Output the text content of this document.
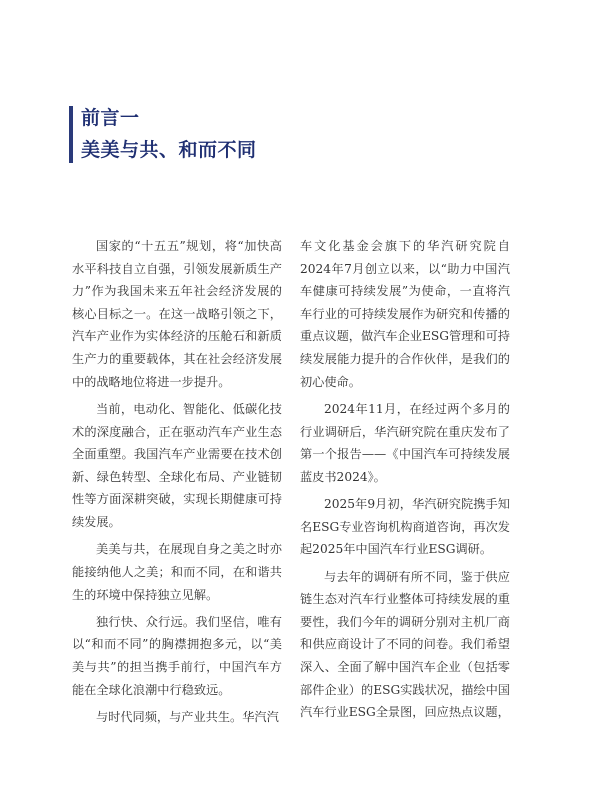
前言一
美美与共、和而不同

国家的“十五五”规划，将“加快高水平科技自立自强，引领发展新质生产力”作为我国未来五年社会经济发展的核心目标之一。在这一战略引领之下，汽车产业作为实体经济的压舱石和新质生产力的重要载体，其在社会经济发展中的战略地位将进一步提升。

当前，电动化、智能化、低碳化技术的深度融合，正在驱动汽车产业生态全面重塑。我国汽车产业需要在技术创新、绿色转型、全球化布局、产业链韧性等方面深耕突破，实现长期健康可持续发展。

美美与共，在展现自身之美之时亦能接纳他人之美；和而不同，在和谐共生的环境中保持独立见解。

独行快、众行远。我们坚信，唯有以“和而不同”的胸襟拥抱多元，以“美美与共”的担当携手前行，中国汽车方能在全球化浪潮中行稳致远。

与时代同频，与产业共生。华汽汽

车文化基金会旗下的华汽研究院自2024年7月创立以来，以“助力中国汽车健康可持续发展”为使命，一直将汽车行业的可持续发展作为研究和传播的重点议题，做汽车企业ESG管理和可持续发展能力提升的合作伙伴，是我们的初心使命。

2024年11月，在经过两个多月的行业调研后，华汽研究院在重庆发布了第一个报告——《中国汽车可持续发展蓝皮书2024》。

2025年9月初，华汽研究院携手知名ESG专业咨询机构商道咨询，再次发起2025年中国汽车行业ESG调研。

与去年的调研有所不同，鉴于供应链生态对汽车行业整体可持续发展的重要性，我们今年的调研分别对主机厂商和供应商设计了不同的问卷。我们希望深入、全面了解中国汽车企业（包括零部件企业）的ESG实践状况，描绘中国汽车行业ESG全景图，回应热点议题，
